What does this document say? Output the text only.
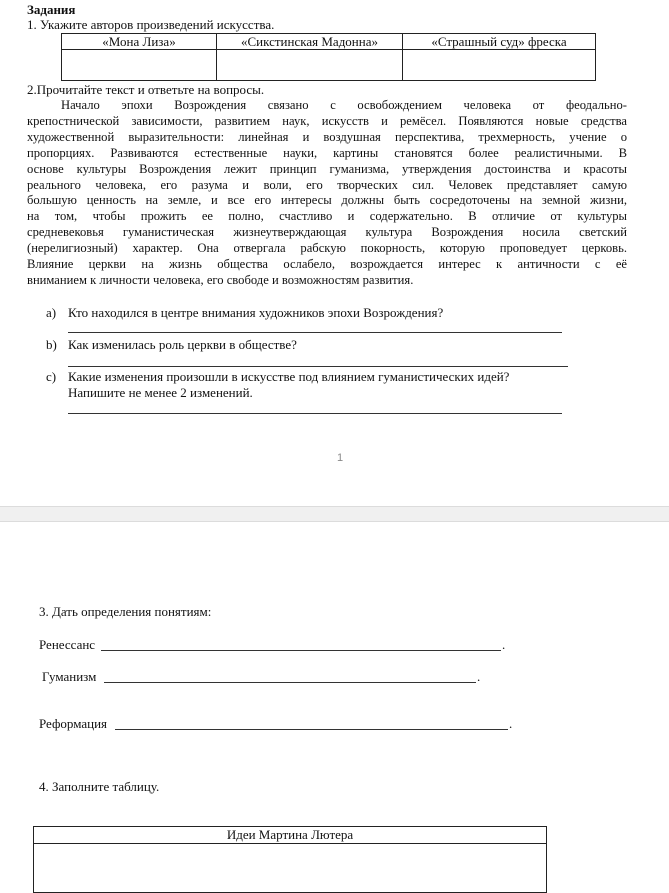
Задания
1. Укажите авторов произведений искусства.
«Мона Лиза»	«Сикстинская Мадонна»	«Страшный суд» фреска
2.Прочитайте текст и ответьте на вопросы.
Начало эпохи Возрождения связано с освобождением человека от феодально-
крепостнической зависимости, развитием наук, искусств и ремёсел. Появляются новые средства
художественной выразительности: линейная и воздушная перспектива, трехмерность, учение о
пропорциях. Развиваются естественные науки, картины становятся более реалистичными. В
основе культуры Возрождения лежит принцип гуманизма, утверждения достоинства и красоты
реального человека, его разума и воли, его творческих сил. Человек представляет самую
большую ценность на земле, и все его интересы должны быть сосредоточены на земной жизни,
на том, чтобы прожить ее полно, счастливо и содержательно. В отличие от культуры
средневековья гуманистическая жизнеутверждающая культура Возрождения носила светский
(нерелигиозный) характер. Она отвергала рабскую покорность, которую проповедует церковь.
Влияние церкви на жизнь общества ослабело, возрождается интерес к античности с её
вниманием к личности человека, его свободе и возможностям развития.
a) Кто находился в центре внимания художников эпохи Возрождения?
b) Как изменилась роль церкви в обществе?
c) Какие изменения произошли в искусстве под влиянием гуманистических идей?
Напишите не менее 2 изменений.
1
3. Дать определения понятиям:
Ренессанс	.
Гуманизм	.
Реформация	.
4. Заполните таблицу.
Идеи Мартина Лютера
